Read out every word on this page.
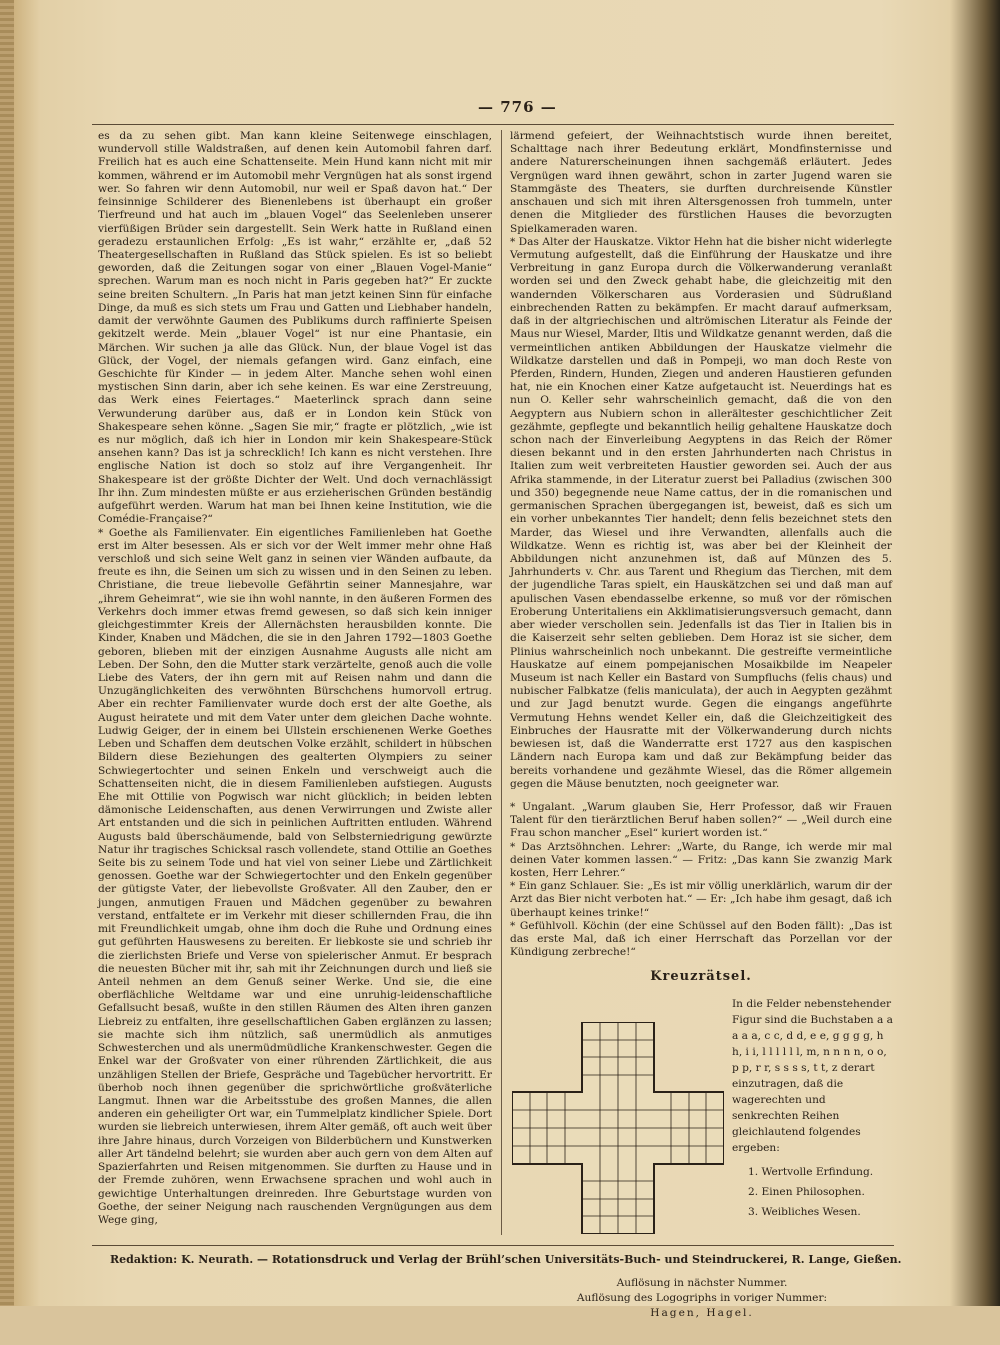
— 776 —

es da zu sehen gibt. Man kann kleine Seitenwege einschlagen, wundervoll stille Waldstraßen, auf denen kein Automobil fahren darf. Freilich hat es auch eine Schattenseite. Mein Hund kann nicht mit mir kommen, während er im Automobil mehr Vergnügen hat als sonst irgend wer. So fahren wir denn Automobil, nur weil er Spaß davon hat.“ Der feinsinnige Schilderer des Bienenlebens ist überhaupt ein großer Tierfreund und hat auch im „blauen Vogel“ das Seelenleben unserer vierfüßigen Brüder sein dargestellt. Sein Werk hatte in Rußland einen geradezu erstaunlichen Erfolg: „Es ist wahr,“ erzählte er, „daß 52 Theatergesellschaften in Rußland das Stück spielen. Es ist so beliebt geworden, daß die Zeitungen sogar von einer „Blauen Vogel-Manie“ sprechen. Warum man es noch nicht in Paris gegeben hat?“ Er zuckte seine breiten Schultern. „In Paris hat man jetzt keinen Sinn für einfache Dinge, da muß es sich stets um Frau und Gatten und Liebhaber handeln, damit der verwöhnte Gaumen des Publikums durch raffinierte Speisen gekitzelt werde. Mein „blauer Vogel“ ist nur eine Phantasie, ein Märchen. Wir suchen ja alle das Glück. Nun, der blaue Vogel ist das Glück, der Vogel, der niemals gefangen wird. Ganz einfach, eine Geschichte für Kinder — in jedem Alter. Manche sehen wohl einen mystischen Sinn darin, aber ich sehe keinen. Es war eine Zerstreuung, das Werk eines Feiertages.“ Maeterlinck sprach dann seine Verwunderung darüber aus, daß er in London kein Stück von Shakespeare sehen könne. „Sagen Sie mir,“ fragte er plötzlich, „wie ist es nur möglich, daß ich hier in London mir kein Shakespeare-Stück ansehen kann? Das ist ja schrecklich! Ich kann es nicht verstehen. Ihre englische Nation ist doch so stolz auf ihre Vergangenheit. Ihr Shakespeare ist der größte Dichter der Welt. Und doch vernachlässigt Ihr ihn. Zum mindesten müßte er aus erzieherischen Gründen beständig aufgeführt werden. Warum hat man bei Ihnen keine Institution, wie die Comédie-Française?“

* Goethe als Familienvater. Ein eigentliches Familienleben hat Goethe erst im Alter besessen. Als er sich vor der Welt immer mehr ohne Haß verschloß und sich seine Welt ganz in seinen vier Wänden aufbaute, da freute es ihn, die Seinen um sich zu wissen und in den Seinen zu leben. Christiane, die treue liebevolle Gefährtin seiner Mannesjahre, war „ihrem Geheimrat“, wie sie ihn wohl nannte, in den äußeren Formen des Verkehrs doch immer etwas fremd gewesen, so daß sich kein inniger gleichgestimmter Kreis der Allernächsten herausbilden konnte. Die Kinder, Knaben und Mädchen, die sie in den Jahren 1792—1803 Goethe geboren, blieben mit der einzigen Ausnahme Augusts alle nicht am Leben. Der Sohn, den die Mutter stark verzärtelte, genoß auch die volle Liebe des Vaters, der ihn gern mit auf Reisen nahm und dann die Unzugänglichkeiten des verwöhnten Bürschchens humorvoll ertrug. Aber ein rechter Familienvater wurde doch erst der alte Goethe, als August heiratete und mit dem Vater unter dem gleichen Dache wohnte. Ludwig Geiger, der in einem bei Ullstein erschienenen Werke Goethes Leben und Schaffen dem deutschen Volke erzählt, schildert in hübschen Bildern diese Beziehungen des gealterten Olympiers zu seiner Schwiegertochter und seinen Enkeln und verschweigt auch die Schattenseiten nicht, die in diesem Familienleben aufstiegen. Augusts Ehe mit Ottilie von Pogwisch war nicht glücklich; in beiden lebten dämonische Leidenschaften, aus denen Verwirrungen und Zwiste aller Art entstanden und die sich in peinlichen Auftritten entluden. Während Augusts bald überschäumende, bald von Selbsterniedrigung gewürzte Natur ihr tragisches Schicksal rasch vollendete, stand Ottilie an Goethes Seite bis zu seinem Tode und hat viel von seiner Liebe und Zärtlichkeit genossen. Goethe war der Schwiegertochter und den Enkeln gegenüber der gütigste Vater, der liebevollste Großvater. All den Zauber, den er jungen, anmutigen Frauen und Mädchen gegenüber zu bewahren verstand, entfaltete er im Verkehr mit dieser schillernden Frau, die ihn mit Freundlichkeit umgab, ohne ihm doch die Ruhe und Ordnung eines gut geführten Hauswesens zu bereiten. Er liebkoste sie und schrieb ihr die zierlichsten Briefe und Verse von spielerischer Anmut. Er besprach die neuesten Bücher mit ihr, sah mit ihr Zeichnungen durch und ließ sie Anteil nehmen an dem Genuß seiner Werke. Und sie, die eine oberflächliche Weltdame war und eine unruhig-leidenschaftliche Gefallsucht besaß, wußte in den stillen Räumen des Alten ihren ganzen Liebreiz zu entfalten, ihre gesellschaftlichen Gaben erglänzen zu lassen; sie machte sich ihm nützlich, saß unermüdlich als anmutiges Schwesterchen und als unermüdmüdliche Krankenschwester. Gegen die Enkel war der Großvater von einer rührenden Zärtlichkeit, die aus unzähligen Stellen der Briefe, Gespräche und Tagebücher hervortritt. Er überhob noch ihnen gegenüber die sprichwörtliche großväterliche Langmut. Ihnen war die Arbeitsstube des großen Mannes, die allen anderen ein geheiligter Ort war, ein Tummelplatz kindlicher Spiele. Dort wurden sie liebreich unterwiesen, ihrem Alter gemäß, oft auch weit über ihre Jahre hinaus, durch Vorzeigen von Bilderbüchern und Kunstwerken aller Art tändelnd belehrt; sie wurden aber auch gern von dem Alten auf Spazierfahrten und Reisen mitgenommen. Sie durften zu Hause und in der Fremde zuhören, wenn Erwachsene sprachen und wohl auch in gewichtige Unterhaltungen dreinreden. Ihre Geburtstage wurden von Goethe, der seiner Neigung nach rauschenden Vergnügungen aus dem Wege ging,

lärmend gefeiert, der Weihnachtstisch wurde ihnen bereitet, Schalttage nach ihrer Bedeutung erklärt, Mondfinsternisse und andere Naturerscheinungen ihnen sachgemäß erläutert. Jedes Vergnügen ward ihnen gewährt, schon in zarter Jugend waren sie Stammgäste des Theaters, sie durften durchreisende Künstler anschauen und sich mit ihren Altersgenossen froh tummeln, unter denen die Mitglieder des fürstlichen Hauses die bevorzugten Spielkameraden waren.

* Das Alter der Hauskatze. Viktor Hehn hat die bisher nicht widerlegte Vermutung aufgestellt, daß die Einführung der Hauskatze und ihre Verbreitung in ganz Europa durch die Völkerwanderung veranlaßt worden sei und den Zweck gehabt habe, die gleichzeitig mit den wandernden Völkerscharen aus Vorderasien und Südrußland einbrechenden Ratten zu bekämpfen. Er macht darauf aufmerksam, daß in der altgriechischen und altrömischen Literatur als Feinde der Maus nur Wiesel, Marder, Iltis und Wildkatze genannt werden, daß die vermeintlichen antiken Abbildungen der Hauskatze vielmehr die Wildkatze darstellen und daß in Pompeji, wo man doch Reste von Pferden, Rindern, Hunden, Ziegen und anderen Haustieren gefunden hat, nie ein Knochen einer Katze aufgetaucht ist. Neuerdings hat es nun O. Keller sehr wahrscheinlich gemacht, daß die von den Aegyptern aus Nubiern schon in allerältester geschichtlicher Zeit gezähmte, gepflegte und bekanntlich heilig gehaltene Hauskatze doch schon nach der Einverleibung Aegyptens in das Reich der Römer diesen bekannt und in den ersten Jahrhunderten nach Christus in Italien zum weit verbreiteten Haustier geworden sei. Auch der aus Afrika stammende, in der Literatur zuerst bei Palladius (zwischen 300 und 350) begegnende neue Name cattus, der in die romanischen und germanischen Sprachen übergegangen ist, beweist, daß es sich um ein vorher unbekanntes Tier handelt; denn felis bezeichnet stets den Marder, das Wiesel und ihre Verwandten, allenfalls auch die Wildkatze. Wenn es richtig ist, was aber bei der Kleinheit der Abbildungen nicht anzunehmen ist, daß auf Münzen des 5. Jahrhunderts v. Chr. aus Tarent und Rhegium das Tierchen, mit dem der jugendliche Taras spielt, ein Hauskätzchen sei und daß man auf apulischen Vasen ebendasselbe erkenne, so muß vor der römischen Eroberung Unteritaliens ein Akklimatisierungsversuch gemacht, dann aber wieder verschollen sein. Jedenfalls ist das Tier in Italien bis in die Kaiserzeit sehr selten geblieben. Dem Horaz ist sie sicher, dem Plinius wahrscheinlich noch unbekannt. Die gestreifte vermeintliche Hauskatze auf einem pompejanischen Mosaikbilde im Neapeler Museum ist nach Keller ein Bastard von Sumpfluchs (felis chaus) und nubischer Falbkatze (felis maniculata), der auch in Aegypten gezähmt und zur Jagd benutzt wurde. Gegen die eingangs angeführte Vermutung Hehns wendet Keller ein, daß die Gleichzeitigkeit des Einbruches der Hausratte mit der Völkerwanderung durch nichts bewiesen ist, daß die Wanderratte erst 1727 aus den kaspischen Ländern nach Europa kam und daß zur Bekämpfung beider das bereits vorhandene und gezähmte Wiesel, das die Römer allgemein gegen die Mäuse benutzten, noch geeigneter war.

* Ungalant. „Warum glauben Sie, Herr Professor, daß wir Frauen Talent für den tierärztlichen Beruf haben sollen?“ — „Weil durch eine Frau schon mancher „Esel“ kuriert worden ist.“

* Das Arztsöhnchen. Lehrer: „Warte, du Range, ich werde mir mal deinen Vater kommen lassen.“ — Fritz: „Das kann Sie zwanzig Mark kosten, Herr Lehrer.“

* Ein ganz Schlauer. Sie: „Es ist mir völlig unerklärlich, warum dir der Arzt das Bier nicht verboten hat.“ — Er: „Ich habe ihm gesagt, daß ich überhaupt keines trinke!“

* Gefühlvoll. Köchin (der eine Schüssel auf den Boden fällt): „Das ist das erste Mal, daß ich einer Herrschaft das Porzellan vor der Kündigung zerbreche!“

Kreuzrätsel.
In die Felder nebenstehender Figur sind die Buchstaben a a a a a, c c, d d, e e, g g g g, h h, i i, l l l l l l, m, n n n n, o o, p p, r r, s s s s, t t, z derart einzutragen, daß die wagerechten und senkrechten Reihen gleichlautend folgendes ergeben:
1. Wertvolle Erfindung.
2. Einen Philosophen.
3. Weibliches Wesen.
Auflösung in nächster Nummer.
Auflösung des Logogriphs in voriger Nummer:
Hagen, Hagel.
Redaktion: K. Neurath. — Rotationsdruck und Verlag der Brühl’schen Universitäts-Buch- und Steindruckerei, R. Lange, Gießen.
